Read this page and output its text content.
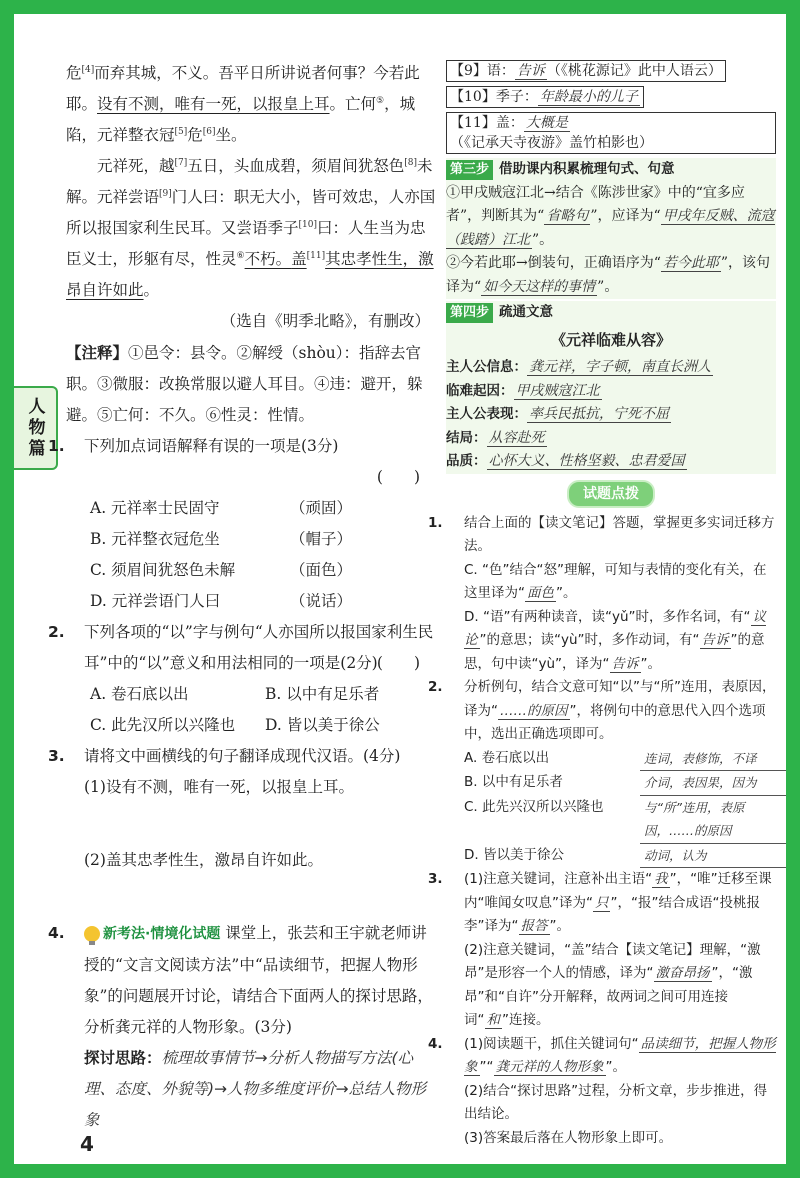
人物篇

危[4]而弃其城，不义。吾平日所讲说者何事？今若此耶。设有不测，唯有一死，以报皇上耳。亡何⑤，城陷，元祥整衣冠[5]危[6]坐。

元祥死，越[7]五日，头血成碧，须眉间犹怒色[8]未解。元祥尝语[9]门人曰：职无大小，皆可效忠，人亦国所以报国家利生民耳。又尝语季子[10]曰：人生当为忠臣义士，形躯有尽，性灵⑥不朽。盖[11]其忠孝性生，激昂自许如此。

（选自《明季北略》，有删改）

【注释】①邑令：县令。②解绶（shòu）：指辞去官职。③微服：改换常服以避人耳目。④违：避开，躲避。⑤亡何：不久。⑥性灵：性情。

1. 下列加点词语解释有误的一项是(3分)

(　　)

A. 元祥率士民固守	（顽固）
B. 元祥整衣冠危坐	（帽子）
C. 须眉间犹怒色未解	（面色）
D. 元祥尝语门人曰	（说话）

2. 下列各项的“以”字与例句“人亦国所以报国家利生民耳”中的“以”意义和用法相同的一项是(2分) (　　)

A. 卷石底以出	B. 以中有足乐者
C. 此先汉所以兴隆也	D. 皆以美于徐公

3. 请将文中画横线的句子翻译成现代汉语。(4分)

(1)设有不测，唯有一死，以报皇上耳。

(2)盖其忠孝性生，激昂自许如此。

4.	新考法·情境化试题 课堂上，张芸和王宇就老师讲授的“文言文阅读方法”中“品读细节，把握人物形象”的问题展开讨论，请结合下面两人的探讨思路，分析龚元祥的人物形象。(3分)

探讨思路：梳理故事情节→分析人物描写方法(心理、态度、外貌等)→人物多维度评价→总结人物形象

【9】语： 告诉 （《桃花源记》此中人语云） 【10】季子： 年龄最小的儿子 【11】盖： 大概是（《记承天寺夜游》盖竹柏影也）
第三步 借助课内积累梳理句式、句意

①甲戌贼寇江北→结合《陈涉世家》中的“宜多应者”，判断其为“ 省略句 ”，应译为“ 甲戌年反贼、流寇（践踏）江北 ”。

②今若此耶→倒装句，正确语序为“ 若今此耶 ”，该句译为“ 如今天这样的事情 ”。

第四步 疏通文意

《元祥临难从容》

主人公信息： 龚元祥，字子顿，南直长洲人

临难起因： 甲戌贼寇江北

主人公表现： 率兵民抵抗，宁死不屈

结局： 从容赴死

品质： 心怀大义、性格坚毅、忠君爱国

试题点拨

1. 结合上面的【读文笔记】答题，掌握更多实词迁移方法。

C. “色”结合“怒”理解，可知与表情的变化有关，在这里译为“ 面色 ”。

D. “语”有两种读音，读“yǔ”时，多作名词，有“ 议论 ”的意思；读“yù”时，多作动词，有“ 告诉 ”的意思，句中读“yù”，译为“ 告诉 ”。

2. 分析例句，结合文意可知“以”与“所”连用，表原因，译为“ ……的原因 ”，将例句中的意思代入四个选项中，选出正确选项即可。

A. 卷石底以出	连词，表修饰，不译
B. 以中有足乐者	介词，表因果，因为
C. 此先兴汉所以兴隆也	与“所”连用，表原因，……的原因
D. 皆以美于徐公	动词，认为

3. (1)注意关键词，注意补出主语“ 我 ”，“唯”迁移至课内“唯闻女叹息”译为“ 只 ”，“报”结合成语“投桃报李”译为“ 报答 ”。

(2)注意关键词，“盖”结合【读文笔记】理解，“激昂”是形容一个人的情感，译为“ 激奋昂扬 ”，“激昂”和“自许”分开解释，故两词之间可用连接词“ 和 ”连接。

4. (1)阅读题干，抓住关键词句“ 品读细节，把握人物形象 ”“ 龚元祥的人物形象 ”。

(2)结合“探讨思路”过程，分析文章，步步推进，得出结论。

(3)答案最后落在人物形象上即可。

4
